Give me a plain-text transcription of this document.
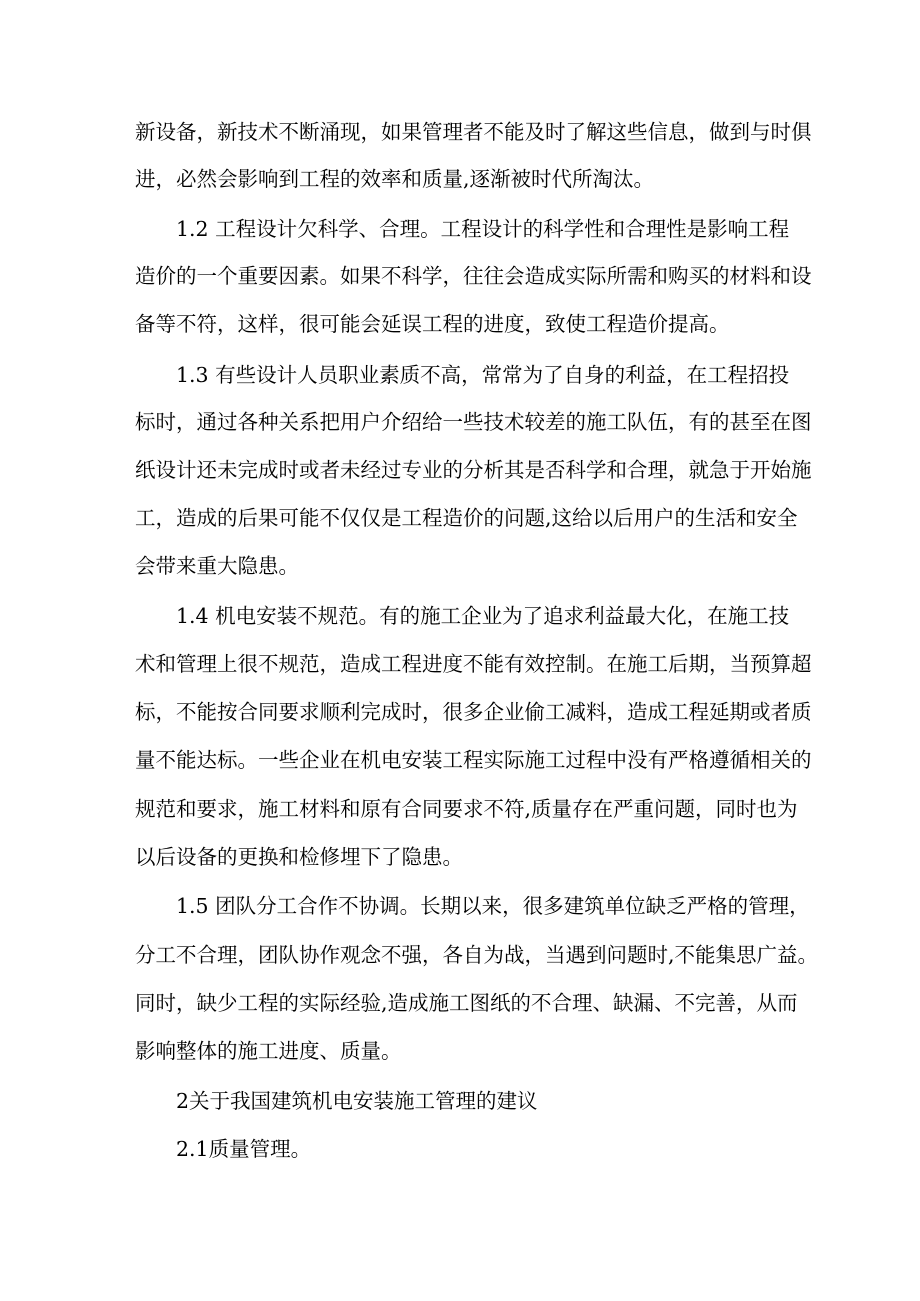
新设备，新技术不断涌现，如果管理者不能及时了解这些信息，做到与时俱

进，必然会影响到工程的效率和质量,逐渐被时代所淘汰。

1.2 工程设计欠科学、合理。工程设计的科学性和合理性是影响工程

造价的一个重要因素。如果不科学，往往会造成实际所需和购买的材料和设

备等不符，这样，很可能会延误工程的进度，致使工程造价提高。

1.3 有些设计人员职业素质不高，常常为了自身的利益，在工程招投

标时，通过各种关系把用户介绍给一些技术较差的施工队伍，有的甚至在图

纸设计还未完成时或者未经过专业的分析其是否科学和合理，就急于开始施

工，造成的后果可能不仅仅是工程造价的问题,这给以后用户的生活和安全

会带来重大隐患。

1.4 机电安装不规范。有的施工企业为了追求利益最大化，在施工技

术和管理上很不规范，造成工程进度不能有效控制。在施工后期，当预算超

标，不能按合同要求顺利完成时，很多企业偷工减料，造成工程延期或者质

量不能达标。一些企业在机电安装工程实际施工过程中没有严格遵循相关的

规范和要求，施工材料和原有合同要求不符,质量存在严重问题，同时也为

以后设备的更换和检修埋下了隐患。

1.5 团队分工合作不协调。长期以来，很多建筑单位缺乏严格的管理，

分工不合理，团队协作观念不强，各自为战，当遇到问题时,不能集思广益。

同时，缺少工程的实际经验,造成施工图纸的不合理、缺漏、不完善，从而

影响整体的施工进度、质量。

2关于我国建筑机电安装施工管理的建议

2.1质量管理。
